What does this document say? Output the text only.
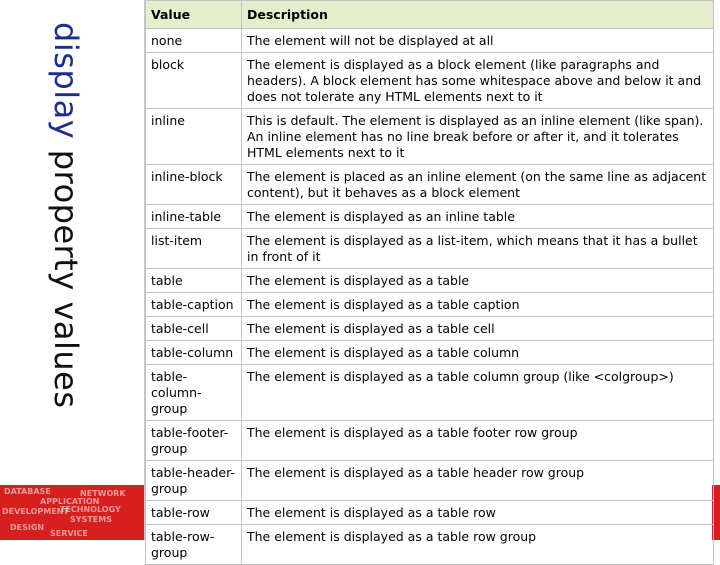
display property values
DATABASE
APPLICATION
DEVELOPMENT
SYSTEMS
DESIGN
NETWORK
SERVICE
TECHNOLOGY
Value	Description
none	The element will not be displayed at all
block	The element is displayed as a block element (like paragraphs and headers). A block element has some whitespace above and below it and does not tolerate any HTML elements next to it
inline	This is default. The element is displayed as an inline element (like span). An inline element has no line break before or after it, and it tolerates HTML elements next to it
inline-block	The element is placed as an inline element (on the same line as adjacent content), but it behaves as a block element
inline-table	The element is displayed as an inline table
list-item	The element is displayed as a list-item, which means that it has a bullet in front of it
table	The element is displayed as a table
table-caption	The element is displayed as a table caption
table-cell	The element is displayed as a table cell
table-column	The element is displayed as a table column
table-column-group	The element is displayed as a table column group (like <colgroup>)
table-footer-group	The element is displayed as a table footer row group
table-header-group	The element is displayed as a table header row group
table-row	The element is displayed as a table row
table-row-group	The element is displayed as a table row group
